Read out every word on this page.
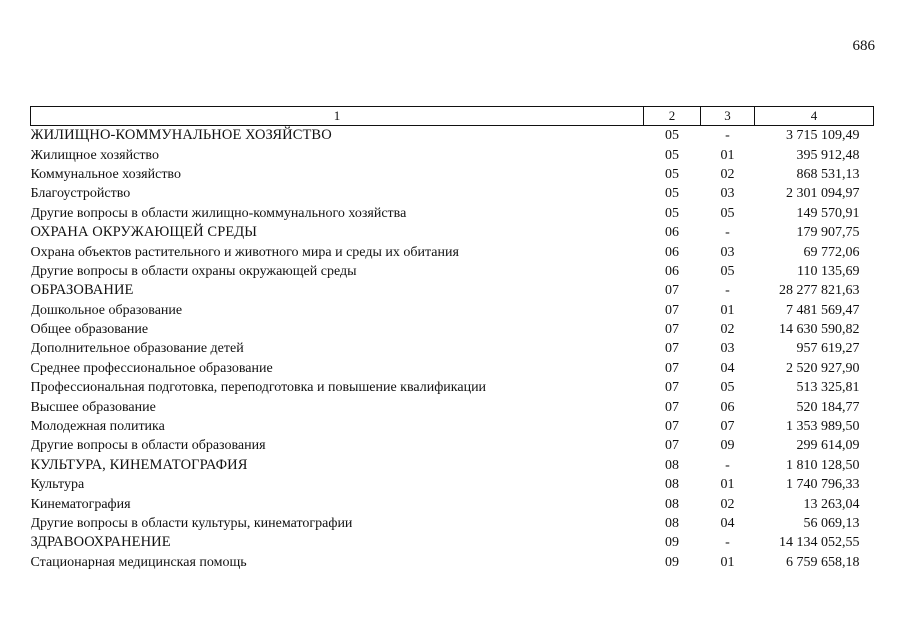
686
1	2	3	4
ЖИЛИЩНО-КОММУНАЛЬНОЕ ХОЗЯЙСТВО	05	-	3 715 109,49
Жилищное хозяйство	05	01	395 912,48
Коммунальное хозяйство	05	02	868 531,13
Благоустройство	05	03	2 301 094,97
Другие вопросы в области жилищно-коммунального хозяйства	05	05	149 570,91
ОХРАНА ОКРУЖАЮЩЕЙ СРЕДЫ	06	-	179 907,75
Охрана объектов растительного и животного мира и среды их обитания	06	03	69 772,06
Другие вопросы в области охраны окружающей среды	06	05	110 135,69
ОБРАЗОВАНИЕ	07	-	28 277 821,63
Дошкольное образование	07	01	7 481 569,47
Общее образование	07	02	14 630 590,82
Дополнительное образование детей	07	03	957 619,27
Среднее профессиональное образование	07	04	2 520 927,90
Профессиональная подготовка, переподготовка и повышение квалификации	07	05	513 325,81
Высшее образование	07	06	520 184,77
Молодежная политика	07	07	1 353 989,50
Другие вопросы в области образования	07	09	299 614,09
КУЛЬТУРА, КИНЕМАТОГРАФИЯ	08	-	1 810 128,50
Культура	08	01	1 740 796,33
Кинематография	08	02	13 263,04
Другие вопросы в области культуры, кинематографии	08	04	56 069,13
ЗДРАВООХРАНЕНИЕ	09	-	14 134 052,55
Стационарная медицинская помощь	09	01	6 759 658,18
